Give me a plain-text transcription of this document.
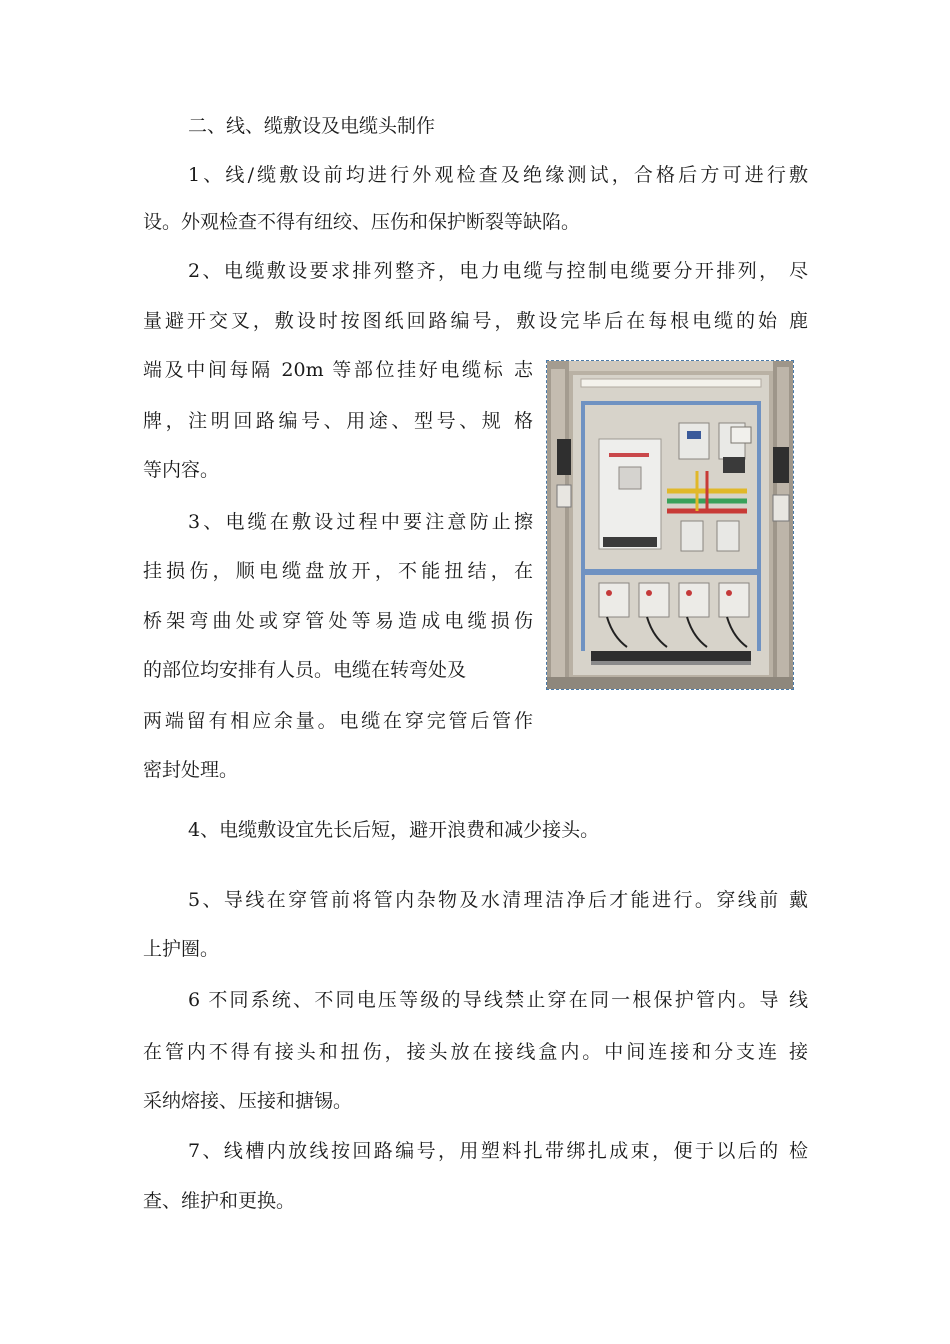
二、线、缆敷设及电缆头制作
1、线/缆敷设前均进行外观检查及绝缘测试，合格后方可进行敷
设。外观检查不得有纽绞、压伤和保护断裂等缺陷。
2、电缆敷设要求排列整齐，电力电缆与控制电缆要分开排列， 尽
量避开交叉，敷设时按图纸回路编号，敷设完毕后在每根电缆的始 鹿
端及中间每隔 20m 等部位挂好电缆标 志
牌，注明回路编号、用途、型号、规 格
等内容。
3、电缆在敷设过程中要注意防止擦
挂损伤，顺电缆盘放开，不能扭结，在
桥架弯曲处或穿管处等易造成电缆损伤
的部位均安排有人员。电缆在转弯处及
两端留有相应余量。电缆在穿完管后管作
密封处理。
4、电缆敷设宜先长后短，避开浪费和减少接头。
5、导线在穿管前将管内杂物及水清理洁净后才能进行。穿线前 戴
上护圈。
6 不同系统、不同电压等级的导线禁止穿在同一根保护管内。导 线
在管内不得有接头和扭伤，接头放在接线盒内。中间连接和分支连 接
采纳熔接、压接和搪锡。
7、线槽内放线按回路编号，用塑料扎带绑扎成束，便于以后的 检
查、维护和更换。
